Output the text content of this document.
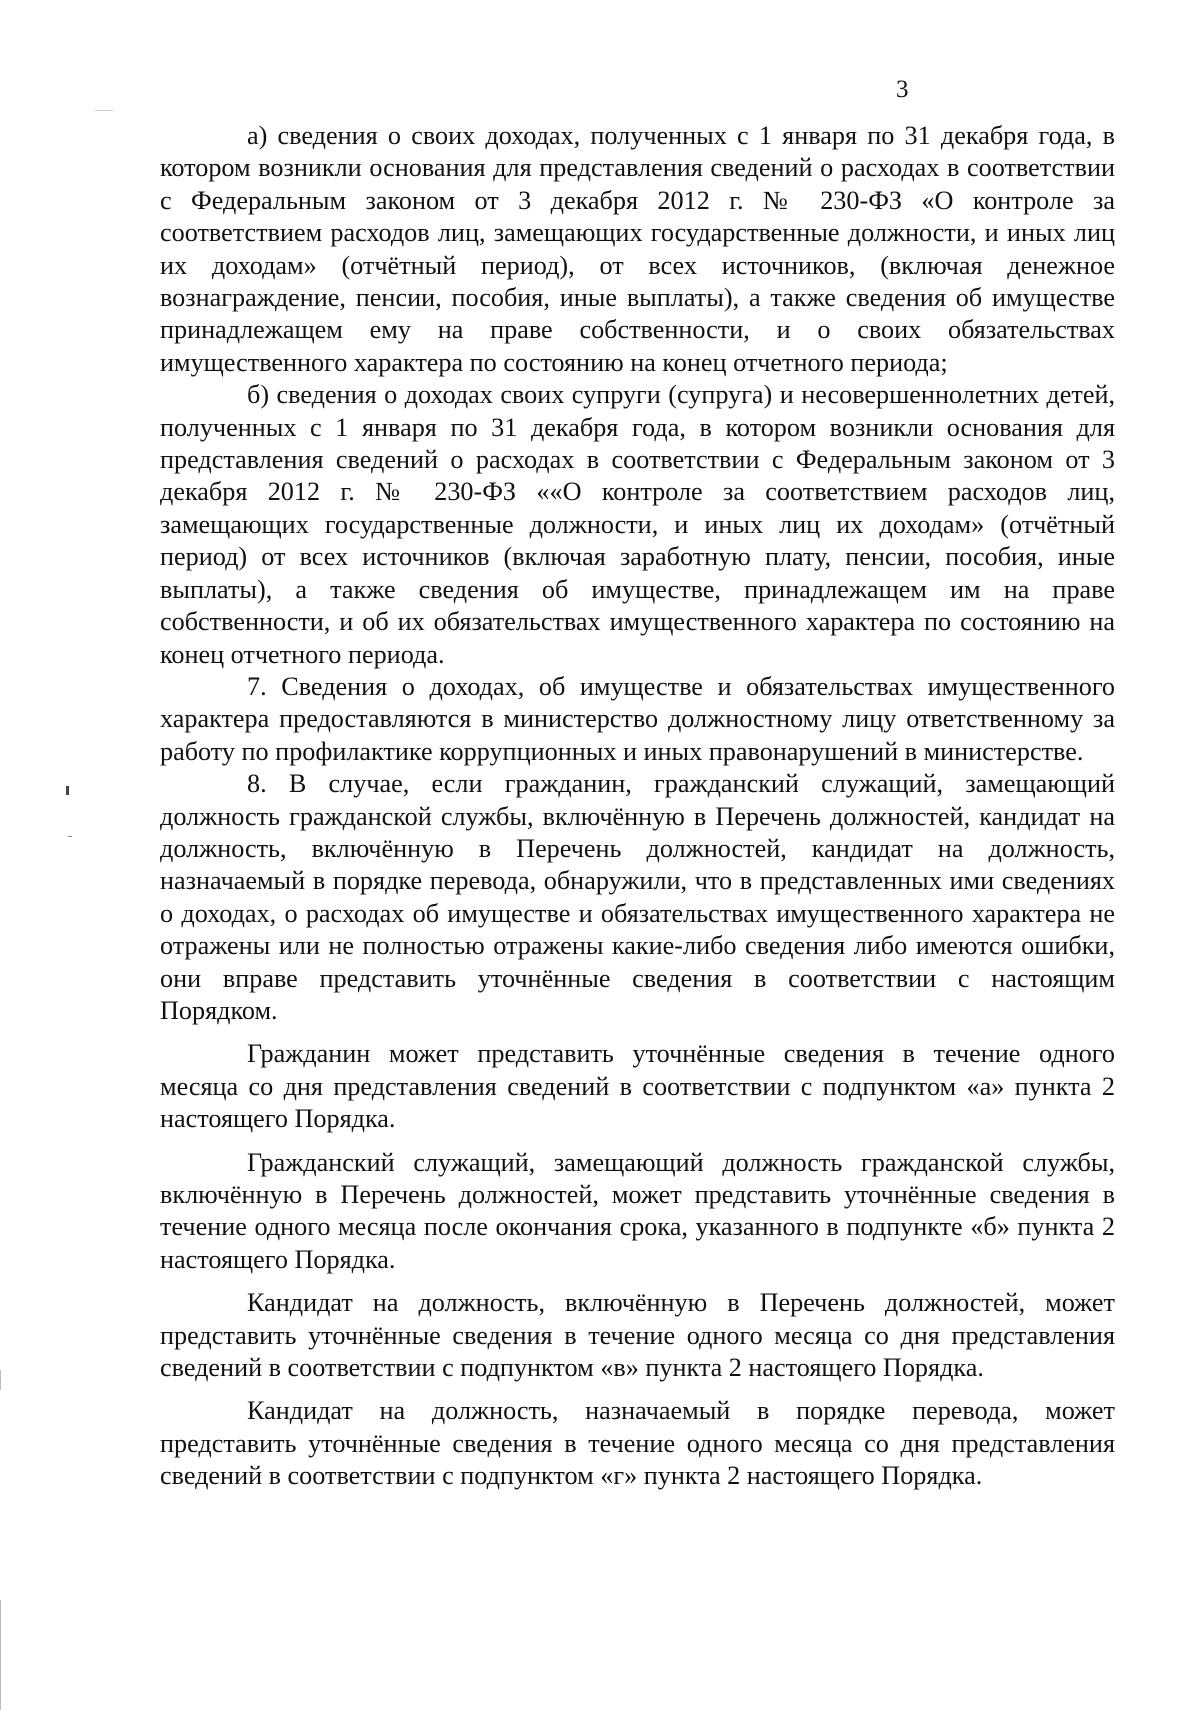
3

а) сведения о своих доходах, полученных с 1 января по 31 декабря года, в котором возникли основания для представления сведений о расходах в соответствии с Федеральным законом от 3 декабря 2012 г. № 230-ФЗ «О контроле за соответствием расходов лиц, замещающих государственные должности, и иных лиц их доходам» (отчётный период), от всех источников, (включая денежное вознаграждение, пенсии, пособия, иные выплаты), а также сведения об имуществе принадлежащем ему на праве собственности, и о своих обязательствах имущественного характера по состоянию на конец отчетного периода;

б) сведения о доходах своих супруги (супруга) и несовершеннолетних детей, полученных с 1 января по 31 декабря года, в котором возникли основания для представления сведений о расходах в соответствии с Федеральным законом от 3 декабря 2012 г. № 230-ФЗ ««О контроле за соответствием расходов лиц, замещающих государственные должности, и иных лиц их доходам» (отчётный период) от всех источников (включая заработную плату, пенсии, пособия, иные выплаты), а также сведения об имуществе, принадлежащем им на праве собственности, и об их обязательствах имущественного характера по состоянию на конец отчетного периода.

7. Сведения о доходах, об имуществе и обязательствах имущественного характера предоставляются в министерство должностному лицу ответственному за работу по профилактике коррупционных и иных правонарушений в министерстве.

8. В случае, если гражданин, гражданский служащий, замещающий должность гражданской службы, включённую в Перечень должностей, кандидат на должность, включённую в Перечень должностей, кандидат на должность, назначаемый в порядке перевода, обнаружили, что в представленных ими сведениях о доходах, о расходах об имуществе и обязательствах имущественного характера не отражены или не полностью отражены какие-либо сведения либо имеются ошибки, они вправе представить уточнённые сведения в соответствии с настоящим Порядком.

Гражданин может представить уточнённые сведения в течение одного месяца со дня представления сведений в соответствии с подпунктом «а» пункта 2 настоящего Порядка.

Гражданский служащий, замещающий должность гражданской службы, включённую в Перечень должностей, может представить уточнённые сведения в течение одного месяца после окончания срока, указанного в подпункте «б» пункта 2 настоящего Порядка.

Кандидат на должность, включённую в Перечень должностей, может представить уточнённые сведения в течение одного месяца со дня представления сведений в соответствии с подпунктом «в» пункта 2 настоящего Порядка.

Кандидат на должность, назначаемый в порядке перевода, может представить уточнённые сведения в течение одного месяца со дня представления сведений в соответствии с подпунктом «г» пункта 2 настоящего Порядка.
